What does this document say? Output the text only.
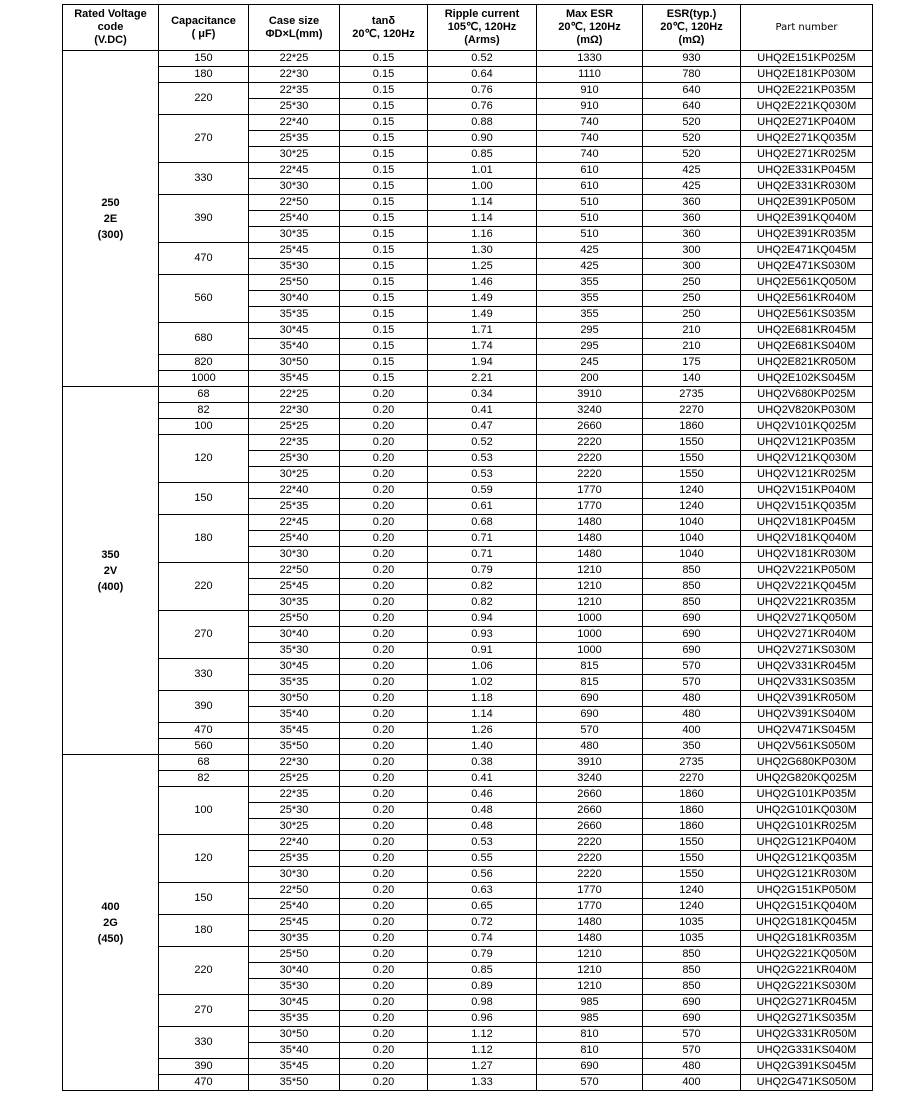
Rated Voltage
code
(V.DC)	Capacitance
( μF)	Case size
ΦD×L(mm)	tanδ
20℃, 120Hz	Ripple current
105℃, 120Hz
(Arms)	Max ESR
20℃, 120Hz
(mΩ)	ESR(typ.)
20℃, 120Hz
(mΩ)	Part number

250
2E
(300)	150	22*25	0.15	0.52	1330	930	UHQ2E151KP025M
	180	22*30	0.15	0.64	1110	780	UHQ2E181KP030M
	220	22*35	0.15	0.76	910	640	UHQ2E221KP035M
		25*30	0.15	0.76	910	640	UHQ2E221KQ030M
	270	22*40	0.15	0.88	740	520	UHQ2E271KP040M
		25*35	0.15	0.90	740	520	UHQ2E271KQ035M
		30*25	0.15	0.85	740	520	UHQ2E271KR025M
	330	22*45	0.15	1.01	610	425	UHQ2E331KP045M
		30*30	0.15	1.00	610	425	UHQ2E331KR030M
	390	22*50	0.15	1.14	510	360	UHQ2E391KP050M
		25*40	0.15	1.14	510	360	UHQ2E391KQ040M
		30*35	0.15	1.16	510	360	UHQ2E391KR035M
	470	25*45	0.15	1.30	425	300	UHQ2E471KQ045M
		35*30	0.15	1.25	425	300	UHQ2E471KS030M
	560	25*50	0.15	1.46	355	250	UHQ2E561KQ050M
		30*40	0.15	1.49	355	250	UHQ2E561KR040M
		35*35	0.15	1.49	355	250	UHQ2E561KS035M
	680	30*45	0.15	1.71	295	210	UHQ2E681KR045M
		35*40	0.15	1.74	295	210	UHQ2E681KS040M
	820	30*50	0.15	1.94	245	175	UHQ2E821KR050M
	1000	35*45	0.15	2.21	200	140	UHQ2E102KS045M

350
2V
(400)	68	22*25	0.20	0.34	3910	2735	UHQ2V680KP025M
	82	22*30	0.20	0.41	3240	2270	UHQ2V820KP030M
	100	25*25	0.20	0.47	2660	1860	UHQ2V101KQ025M
	120	22*35	0.20	0.52	2220	1550	UHQ2V121KP035M
		25*30	0.20	0.53	2220	1550	UHQ2V121KQ030M
		30*25	0.20	0.53	2220	1550	UHQ2V121KR025M
	150	22*40	0.20	0.59	1770	1240	UHQ2V151KP040M
		25*35	0.20	0.61	1770	1240	UHQ2V151KQ035M
	180	22*45	0.20	0.68	1480	1040	UHQ2V181KP045M
		25*40	0.20	0.71	1480	1040	UHQ2V181KQ040M
		30*30	0.20	0.71	1480	1040	UHQ2V181KR030M
	220	22*50	0.20	0.79	1210	850	UHQ2V221KP050M
		25*45	0.20	0.82	1210	850	UHQ2V221KQ045M
		30*35	0.20	0.82	1210	850	UHQ2V221KR035M
	270	25*50	0.20	0.94	1000	690	UHQ2V271KQ050M
		30*40	0.20	0.93	1000	690	UHQ2V271KR040M
		35*30	0.20	0.91	1000	690	UHQ2V271KS030M
	330	30*45	0.20	1.06	815	570	UHQ2V331KR045M
		35*35	0.20	1.02	815	570	UHQ2V331KS035M
	390	30*50	0.20	1.18	690	480	UHQ2V391KR050M
		35*40	0.20	1.14	690	480	UHQ2V391KS040M
	470	35*45	0.20	1.26	570	400	UHQ2V471KS045M
	560	35*50	0.20	1.40	480	350	UHQ2V561KS050M

400
2G
(450)	68	22*30	0.20	0.38	3910	2735	UHQ2G680KP030M
	82	25*25	0.20	0.41	3240	2270	UHQ2G820KQ025M
	100	22*35	0.20	0.46	2660	1860	UHQ2G101KP035M
		25*30	0.20	0.48	2660	1860	UHQ2G101KQ030M
		30*25	0.20	0.48	2660	1860	UHQ2G101KR025M
	120	22*40	0.20	0.53	2220	1550	UHQ2G121KP040M
		25*35	0.20	0.55	2220	1550	UHQ2G121KQ035M
		30*30	0.20	0.56	2220	1550	UHQ2G121KR030M
	150	22*50	0.20	0.63	1770	1240	UHQ2G151KP050M
		25*40	0.20	0.65	1770	1240	UHQ2G151KQ040M
	180	25*45	0.20	0.72	1480	1035	UHQ2G181KQ045M
		30*35	0.20	0.74	1480	1035	UHQ2G181KR035M
	220	25*50	0.20	0.79	1210	850	UHQ2G221KQ050M
		30*40	0.20	0.85	1210	850	UHQ2G221KR040M
		35*30	0.20	0.89	1210	850	UHQ2G221KS030M
	270	30*45	0.20	0.98	985	690	UHQ2G271KR045M
		35*35	0.20	0.96	985	690	UHQ2G271KS035M
	330	30*50	0.20	1.12	810	570	UHQ2G331KR050M
		35*40	0.20	1.12	810	570	UHQ2G331KS040M
	390	35*45	0.20	1.27	690	480	UHQ2G391KS045M
	470	35*50	0.20	1.33	570	400	UHQ2G471KS050M
